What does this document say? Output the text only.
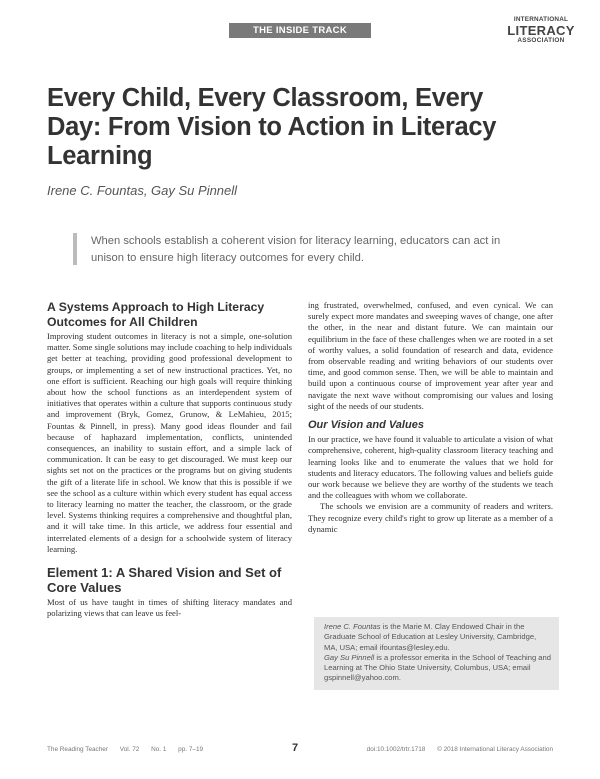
THE INSIDE TRACK
INTERNATIONAL
LITERACY
ASSOCIATION
Every Child, Every Classroom, Every Day: From Vision to Action in Literacy Learning
Irene C. Fountas, Gay Su Pinnell
When schools establish a coherent vision for literacy learning, educators can act in unison to ensure high literacy outcomes for every child.
A Systems Approach to High Literacy Outcomes for All Children

Improving student outcomes in literacy is not a simple, one-solution matter. Some single solutions may include coaching to help individuals get better at teaching, providing good professional development to groups, or implementing a set of new instructional practices. Yet, no one effort is sufficient. Reaching our high goals will require thinking about how the school functions as an interdependent system of initiatives that operates within a culture that supports continuous study and improvement (Bryk, Gomez, Grunow, & LeMahieu, 2015; Fountas & Pinnell, in press). Many good ideas flounder and fail because of haphazard implementation, conflicts, unintended consequences, an inability to sustain effort, and a simple lack of communication. It can be easy to get discouraged. We must keep our sights set not on the practices or the programs but on giving students the gift of a literate life in school. We know that this is possible if we see the school as a culture within which every student has equal access to literacy learning no matter the teacher, the classroom, or the grade level. Systems thinking requires a comprehensive and thoughtful plan, and it will take time. In this article, we address four essential and interrelated elements of a design for a schoolwide system of literacy learning.

Element 1: A Shared Vision and Set of Core Values

Most of us have taught in times of shifting literacy mandates and polarizing views that can leave us feel-

ing frustrated, overwhelmed, confused, and even cynical. We can surely expect more mandates and sweeping waves of change, one after the other, in the near and distant future. We can maintain our equilibrium in the face of these challenges when we are rooted in a set of worthy values, a solid foundation of research and data, evidence from observable reading and writing behaviors of our students over time, and good common sense. Then, we will be able to maintain and build upon a continuous course of improvement year after year and navigate the next wave without compromising our values and losing sight of the needs of our students.

Our Vision and Values

In our practice, we have found it valuable to articulate a vision of what comprehensive, coherent, high-quality classroom literacy teaching and learning looks like and to enumerate the values that we hold for students and literacy educators. The following values and beliefs guide our work because we believe they are worthy of the students we teach and the colleagues with whom we collaborate.

The schools we envision are a community of readers and writers. They recognize every child's right to grow up literate as a member of a dynamic

Irene C. Fountas is the Marie M. Clay Endowed Chair in the Graduate School of Education at Lesley University, Cambridge, MA, USA; email ifountas@lesley.edu.

Gay Su Pinnell is a professor emerita in the School of Teaching and Learning at The Ohio State University, Columbus, USA; email gspinnell@yahoo.com.

The Reading Teacher Vol. 72 No. 1 pp. 7–19	7	doi:10.1002/trtr.1718 © 2018 International Literacy Association
